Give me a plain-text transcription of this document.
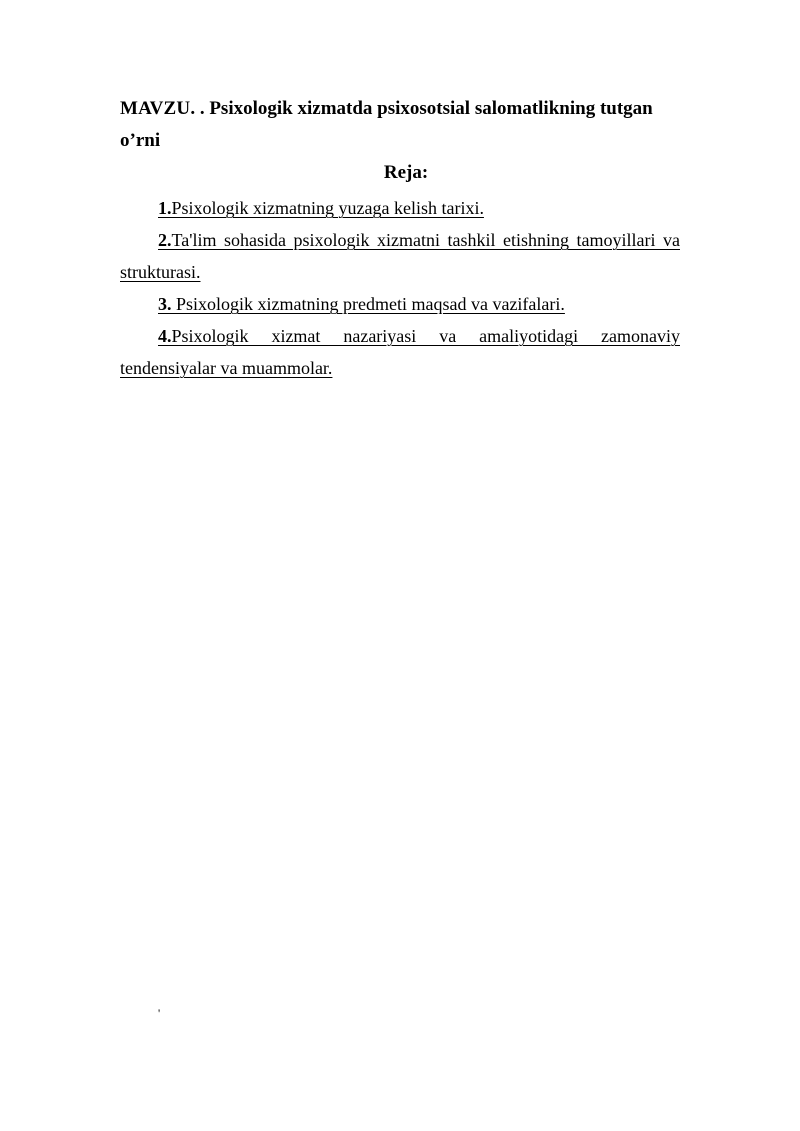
MAVZU. . Psixologik xizmatda psixosotsial salomatlikning tutgan o’rni
Reja:

1.Psixologik xizmatning yuzaga kelish tarixi.

2.Ta'lim sohasida psixologik xizmatni tashkil etishning tamoyillari va strukturasi.

3. Psixologik xizmatning predmeti maqsad va vazifalari.

4.Psixologik xizmat nazariyasi va amaliyotidagi zamonaviy tendensiyalar va muammolar.

'
